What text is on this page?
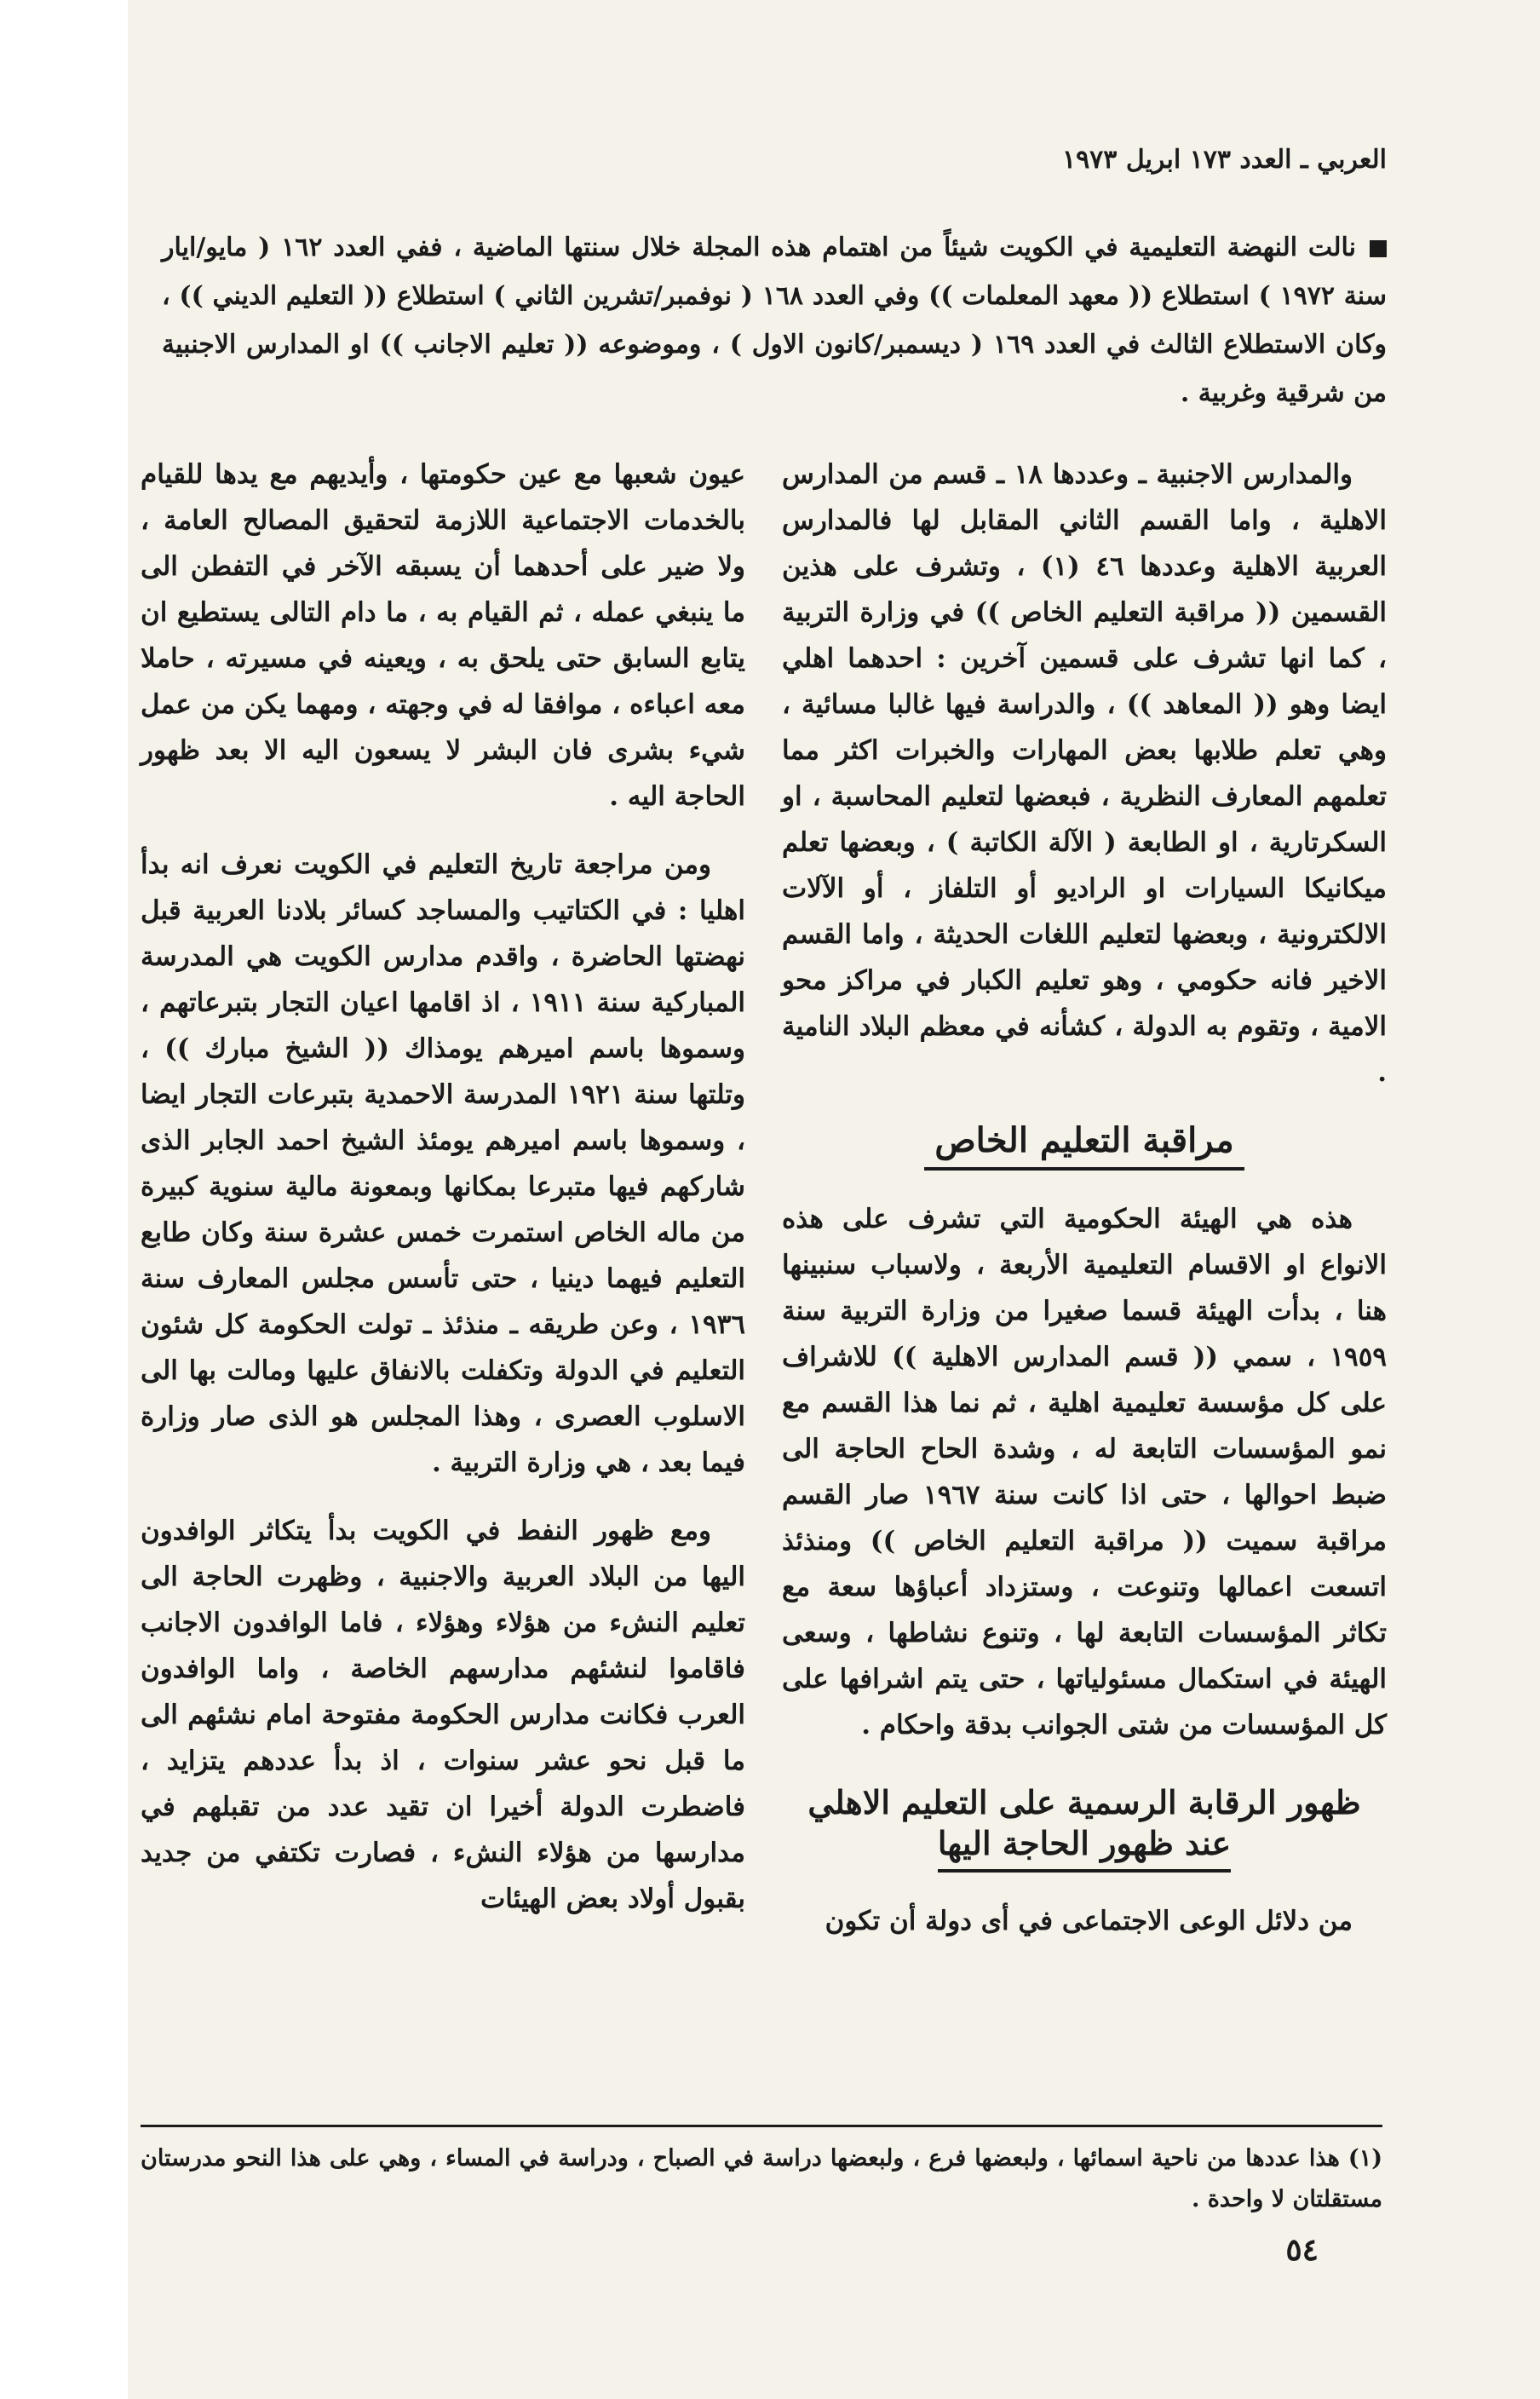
العربي ـ العدد ١٧٣ ابريل ١٩٧٣
نالت النهضة التعليمية في الكويت شيئاً من اهتمام هذه المجلة خلال سنتها الماضية ، ففي العدد ١٦٢ ( مايو/ايار سنة ١٩٧٢ ) استطلاع (( معهد المعلمات )) وفي العدد ١٦٨ ( نوفمبر/تشرين الثاني ) استطلاع (( التعليم الديني )) ، وكان الاستطلاع الثالث في العدد ١٦٩ ( ديسمبر/كانون الاول ) ، وموضوعه (( تعليم الاجانب )) او المدارس الاجنبية من شرقية وغربية .

والمدارس الاجنبية ـ وعددها ١٨ ـ قسم من المدارس الاهلية ، واما القسم الثاني المقابل لها فالمدارس العربية الاهلية وعددها ٤٦ (١) ، وتشرف على هذين القسمين (( مراقبة التعليم الخاص )) في وزارة التربية ، كما انها تشرف على قسمين آخرين : احدهما اهلي ايضا وهو (( المعاهد )) ، والدراسة فيها غالبا مسائية ، وهي تعلم طلابها بعض المهارات والخبرات اكثر مما تعلمهم المعارف النظرية ، فبعضها لتعليم المحاسبة ، او السكرتارية ، او الطابعة ( الآلة الكاتبة ) ، وبعضها تعلم ميكانيكا السيارات او الراديو أو التلفاز ، أو الآلات الالكترونية ، وبعضها لتعليم اللغات الحديثة ، واما القسم الاخير فانه حكومي ، وهو تعليم الكبار في مراكز محو الامية ، وتقوم به الدولة ، كشأنه في معظم البلاد النامية .

مراقبة التعليم الخاص

هذه هي الهيئة الحكومية التي تشرف على هذه الانواع او الاقسام التعليمية الأربعة ، ولاسباب سنبينها هنا ، بدأت الهيئة قسما صغيرا من وزارة التربية سنة ١٩٥٩ ، سمي (( قسم المدارس الاهلية )) للاشراف على كل مؤسسة تعليمية اهلية ، ثم نما هذا القسم مع نمو المؤسسات التابعة له ، وشدة الحاح الحاجة الى ضبط احوالها ، حتى اذا كانت سنة ١٩٦٧ صار القسم مراقبة سميت (( مراقبة التعليم الخاص )) ومنذئذ اتسعت اعمالها وتنوعت ، وستزداد أعباؤها سعة مع تكاثر المؤسسات التابعة لها ، وتنوع نشاطها ، وسعى الهيئة في استكمال مسئولياتها ، حتى يتم اشرافها على كل المؤسسات من شتى الجوانب بدقة واحكام .

ظهور الرقابة الرسمية على التعليم الاهلي
عند ظهور الحاجة اليها

من دلائل الوعى الاجتماعى في أى دولة أن تكون

عيون شعبها مع عين حكومتها ، وأيديهم مع يدها للقيام بالخدمات الاجتماعية اللازمة لتحقيق المصالح العامة ، ولا ضير على أحدهما أن يسبقه الآخر في التفطن الى ما ينبغي عمله ، ثم القيام به ، ما دام التالى يستطيع ان يتابع السابق حتى يلحق به ، ويعينه في مسيرته ، حاملا معه اعباءه ، موافقا له في وجهته ، ومهما يكن من عمل شيء بشرى فان البشر لا يسعون اليه الا بعد ظهور الحاجة اليه .

ومن مراجعة تاريخ التعليم في الكويت نعرف انه بدأ اهليا : في الكتاتيب والمساجد كسائر بلادنا العربية قبل نهضتها الحاضرة ، واقدم مدارس الكويت هي المدرسة المباركية سنة ١٩١١ ، اذ اقامها اعيان التجار بتبرعاتهم ، وسموها باسم اميرهم يومذاك (( الشيخ مبارك )) ، وتلتها سنة ١٩٢١ المدرسة الاحمدية بتبرعات التجار ايضا ، وسموها باسم اميرهم يومئذ الشيخ احمد الجابر الذى شاركهم فيها متبرعا بمكانها وبمعونة مالية سنوية كبيرة من ماله الخاص استمرت خمس عشرة سنة وكان طابع التعليم فيهما دينيا ، حتى تأسس مجلس المعارف سنة ١٩٣٦ ، وعن طريقه ـ منذئذ ـ تولت الحكومة كل شئون التعليم في الدولة وتكفلت بالانفاق عليها ومالت بها الى الاسلوب العصرى ، وهذا المجلس هو الذى صار وزارة فيما بعد ، هي وزارة التربية .

ومع ظهور النفط في الكويت بدأ يتكاثر الوافدون اليها من البلاد العربية والاجنبية ، وظهرت الحاجة الى تعليم النشء من هؤلاء وهؤلاء ، فاما الوافدون الاجانب فاقاموا لنشئهم مدارسهم الخاصة ، واما الوافدون العرب فكانت مدارس الحكومة مفتوحة امام نشئهم الى ما قبل نحو عشر سنوات ، اذ بدأ عددهم يتزايد ، فاضطرت الدولة أخيرا ان تقيد عدد من تقبلهم في مدارسها من هؤلاء النشء ، فصارت تكتفي من جديد بقبول أولاد بعض الهيئات

(١) هذا عددها من ناحية اسمائها ، ولبعضها فرع ، ولبعضها دراسة في الصباح ، ودراسة في المساء ، وهي على هذا النحو مدرستان مستقلتان لا واحدة .
٥٤
